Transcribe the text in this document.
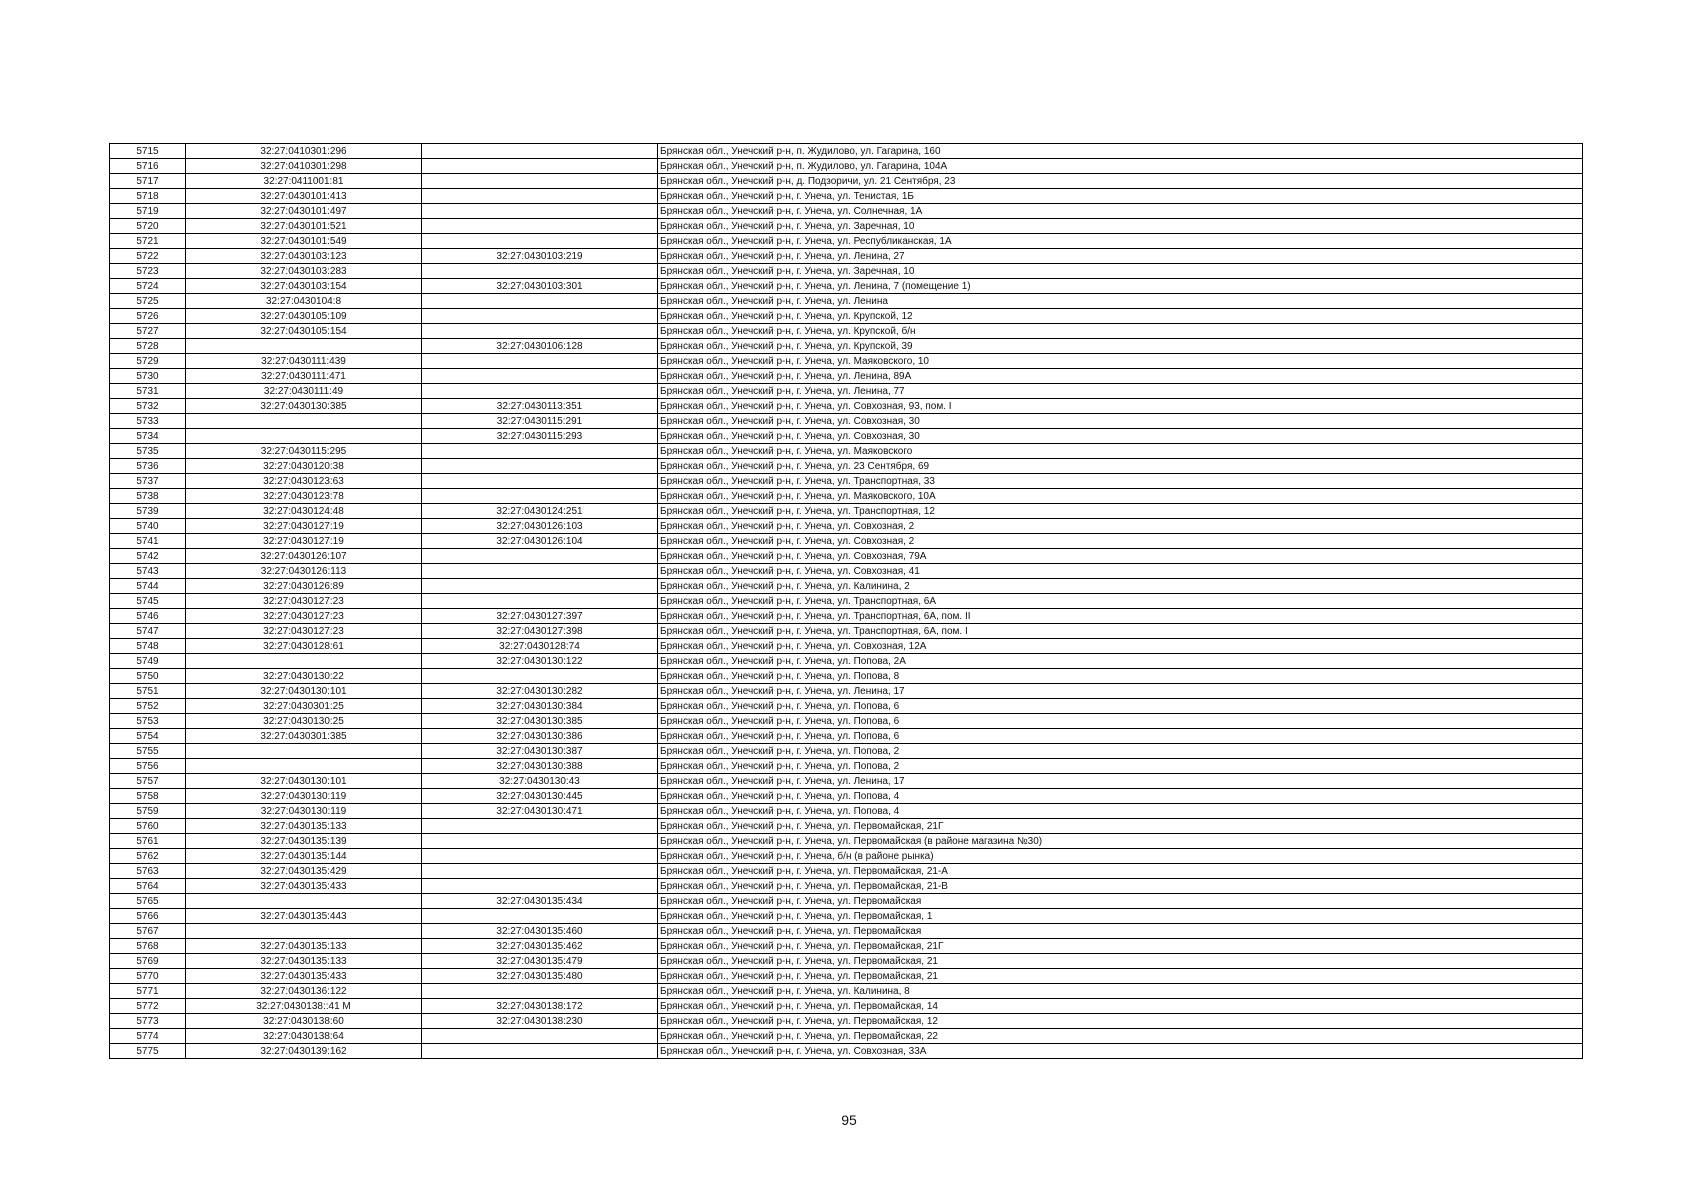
5715	32:27:0410301:296		Брянская обл., Унечский р-н, п. Жудилово, ул. Гагарина, 160
5716	32:27:0410301:298		Брянская обл., Унечский р-н, п. Жудилово, ул. Гагарина, 104А
5717	32:27:0411001:81		Брянская обл., Унечский р-н, д. Подзоричи, ул. 21 Сентября, 23
5718	32:27:0430101:413		Брянская обл., Унечский р-н, г. Унеча, ул. Тенистая, 1Б
5719	32:27:0430101:497		Брянская обл., Унечский р-н, г. Унеча, ул. Солнечная, 1А
5720	32:27:0430101:521		Брянская обл., Унечский р-н, г. Унеча, ул. Заречная, 10
5721	32:27:0430101:549		Брянская обл., Унечский р-н, г. Унеча, ул. Республиканская, 1А
5722	32:27:0430103:123	32:27:0430103:219	Брянская обл., Унечский р-н, г. Унеча, ул. Ленина, 27
5723	32:27:0430103:283		Брянская обл., Унечский р-н, г. Унеча, ул. Заречная, 10
5724	32:27:0430103:154	32:27:0430103:301	Брянская обл., Унечский р-н, г. Унеча, ул. Ленина, 7 (помещение 1)
5725	32:27:0430104:8		Брянская обл., Унечский р-н, г. Унеча, ул. Ленина
5726	32:27:0430105:109		Брянская обл., Унечский р-н, г. Унеча, ул. Крупской, 12
5727	32:27:0430105:154		Брянская обл., Унечский р-н, г. Унеча, ул. Крупской, б/н
5728		32:27:0430106:128	Брянская обл., Унечский р-н, г. Унеча, ул. Крупской, 39
5729	32:27:0430111:439		Брянская обл., Унечский р-н, г. Унеча, ул. Маяковского, 10
5730	32:27:0430111:471		Брянская обл., Унечский р-н, г. Унеча, ул. Ленина, 89А
5731	32:27:0430111:49		Брянская обл., Унечский р-н, г. Унеча, ул. Ленина, 77
5732	32:27:0430130:385	32:27:0430113:351	Брянская обл., Унечский р-н, г. Унеча, ул. Совхозная, 93, пом. I
5733		32:27:0430115:291	Брянская обл., Унечский р-н, г. Унеча, ул. Совхозная, 30
5734		32:27:0430115:293	Брянская обл., Унечский р-н, г. Унеча, ул. Совхозная, 30
5735	32:27:0430115:295		Брянская обл., Унечский р-н, г. Унеча, ул. Маяковского
5736	32:27:0430120:38		Брянская обл., Унечский р-н, г. Унеча, ул. 23 Сентября, 69
5737	32:27:0430123:63		Брянская обл., Унечский р-н, г. Унеча, ул. Транспортная, 33
5738	32:27:0430123:78		Брянская обл., Унечский р-н, г. Унеча, ул. Маяковского, 10А
5739	32:27:0430124:48	32:27:0430124:251	Брянская обл., Унечский р-н, г. Унеча, ул. Транспортная, 12
5740	32:27:0430127:19	32:27:0430126:103	Брянская обл., Унечский р-н, г. Унеча, ул. Совхозная, 2
5741	32:27:0430127:19	32:27:0430126:104	Брянская обл., Унечский р-н, г. Унеча, ул. Совхозная, 2
5742	32:27:0430126:107		Брянская обл., Унечский р-н, г. Унеча, ул. Совхозная, 79А
5743	32:27:0430126:113		Брянская обл., Унечский р-н, г. Унеча, ул. Совхозная, 41
5744	32:27:0430126:89		Брянская обл., Унечский р-н, г. Унеча, ул. Калинина, 2
5745	32:27:0430127:23		Брянская обл., Унечский р-н, г. Унеча, ул. Транспортная, 6А
5746	32:27:0430127:23	32:27:0430127:397	Брянская обл., Унечский р-н, г. Унеча, ул. Транспортная, 6А, пом. II
5747	32:27:0430127:23	32:27:0430127:398	Брянская обл., Унечский р-н, г. Унеча, ул. Транспортная, 6А, пом. I
5748	32:27:0430128:61	32:27:0430128:74	Брянская обл., Унечский р-н, г. Унеча, ул. Совхозная, 12А
5749		32:27:0430130:122	Брянская обл., Унечский р-н, г. Унеча, ул. Попова, 2А
5750	32:27:0430130:22		Брянская обл., Унечский р-н, г. Унеча, ул. Попова, 8
5751	32:27:0430130:101	32:27:0430130:282	Брянская обл., Унечский р-н, г. Унеча, ул. Ленина, 17
5752	32:27:0430301:25	32:27:0430130:384	Брянская обл., Унечский р-н, г. Унеча, ул. Попова, 6
5753	32:27:0430130:25	32:27:0430130:385	Брянская обл., Унечский р-н, г. Унеча, ул. Попова, 6
5754	32:27:0430301:385	32:27:0430130:386	Брянская обл., Унечский р-н, г. Унеча, ул. Попова, 6
5755		32:27:0430130:387	Брянская обл., Унечский р-н, г. Унеча, ул. Попова, 2
5756		32:27:0430130:388	Брянская обл., Унечский р-н, г. Унеча, ул. Попова, 2
5757	32:27:0430130:101	32:27:0430130:43	Брянская обл., Унечский р-н, г. Унеча, ул. Ленина, 17
5758	32:27:0430130:119	32:27:0430130:445	Брянская обл., Унечский р-н, г. Унеча, ул. Попова, 4
5759	32:27:0430130:119	32:27:0430130:471	Брянская обл., Унечский р-н, г. Унеча, ул. Попова, 4
5760	32:27:0430135:133		Брянская обл., Унечский р-н, г. Унеча, ул. Первомайская, 21Г
5761	32:27:0430135:139		Брянская обл., Унечский р-н, г. Унеча, ул. Первомайская (в районе магазина №30)
5762	32:27:0430135:144		Брянская обл., Унечский р-н, г. Унеча, б/н (в районе рынка)
5763	32:27:0430135:429		Брянская обл., Унечский р-н, г. Унеча, ул. Первомайская, 21-А
5764	32:27:0430135:433		Брянская обл., Унечский р-н, г. Унеча, ул. Первомайская, 21-В
5765		32:27:0430135:434	Брянская обл., Унечский р-н, г. Унеча, ул. Первомайская
5766	32:27:0430135:443		Брянская обл., Унечский р-н, г. Унеча, ул. Первомайская, 1
5767		32:27:0430135:460	Брянская обл., Унечский р-н, г. Унеча, ул. Первомайская
5768	32:27:0430135:133	32:27:0430135:462	Брянская обл., Унечский р-н, г. Унеча, ул. Первомайская, 21Г
5769	32:27:0430135:133	32:27:0430135:479	Брянская обл., Унечский р-н, г. Унеча, ул. Первомайская, 21
5770	32:27:0430135:433	32:27:0430135:480	Брянская обл., Унечский р-н, г. Унеча, ул. Первомайская, 21
5771	32:27:0430136:122		Брянская обл., Унечский р-н, г. Унеча, ул. Калинина, 8
5772	32:27:0430138::41 M	32:27:0430138:172	Брянская обл., Унечский р-н, г. Унеча, ул. Первомайская, 14
5773	32:27:0430138:60	32:27:0430138:230	Брянская обл., Унечский р-н, г. Унеча, ул. Первомайская, 12
5774	32:27:0430138:64		Брянская обл., Унечский р-н, г. Унеча, ул. Первомайская, 22
5775	32:27:0430139:162		Брянская обл., Унечский р-н, г. Унеча, ул. Совхозная, 33А
95
